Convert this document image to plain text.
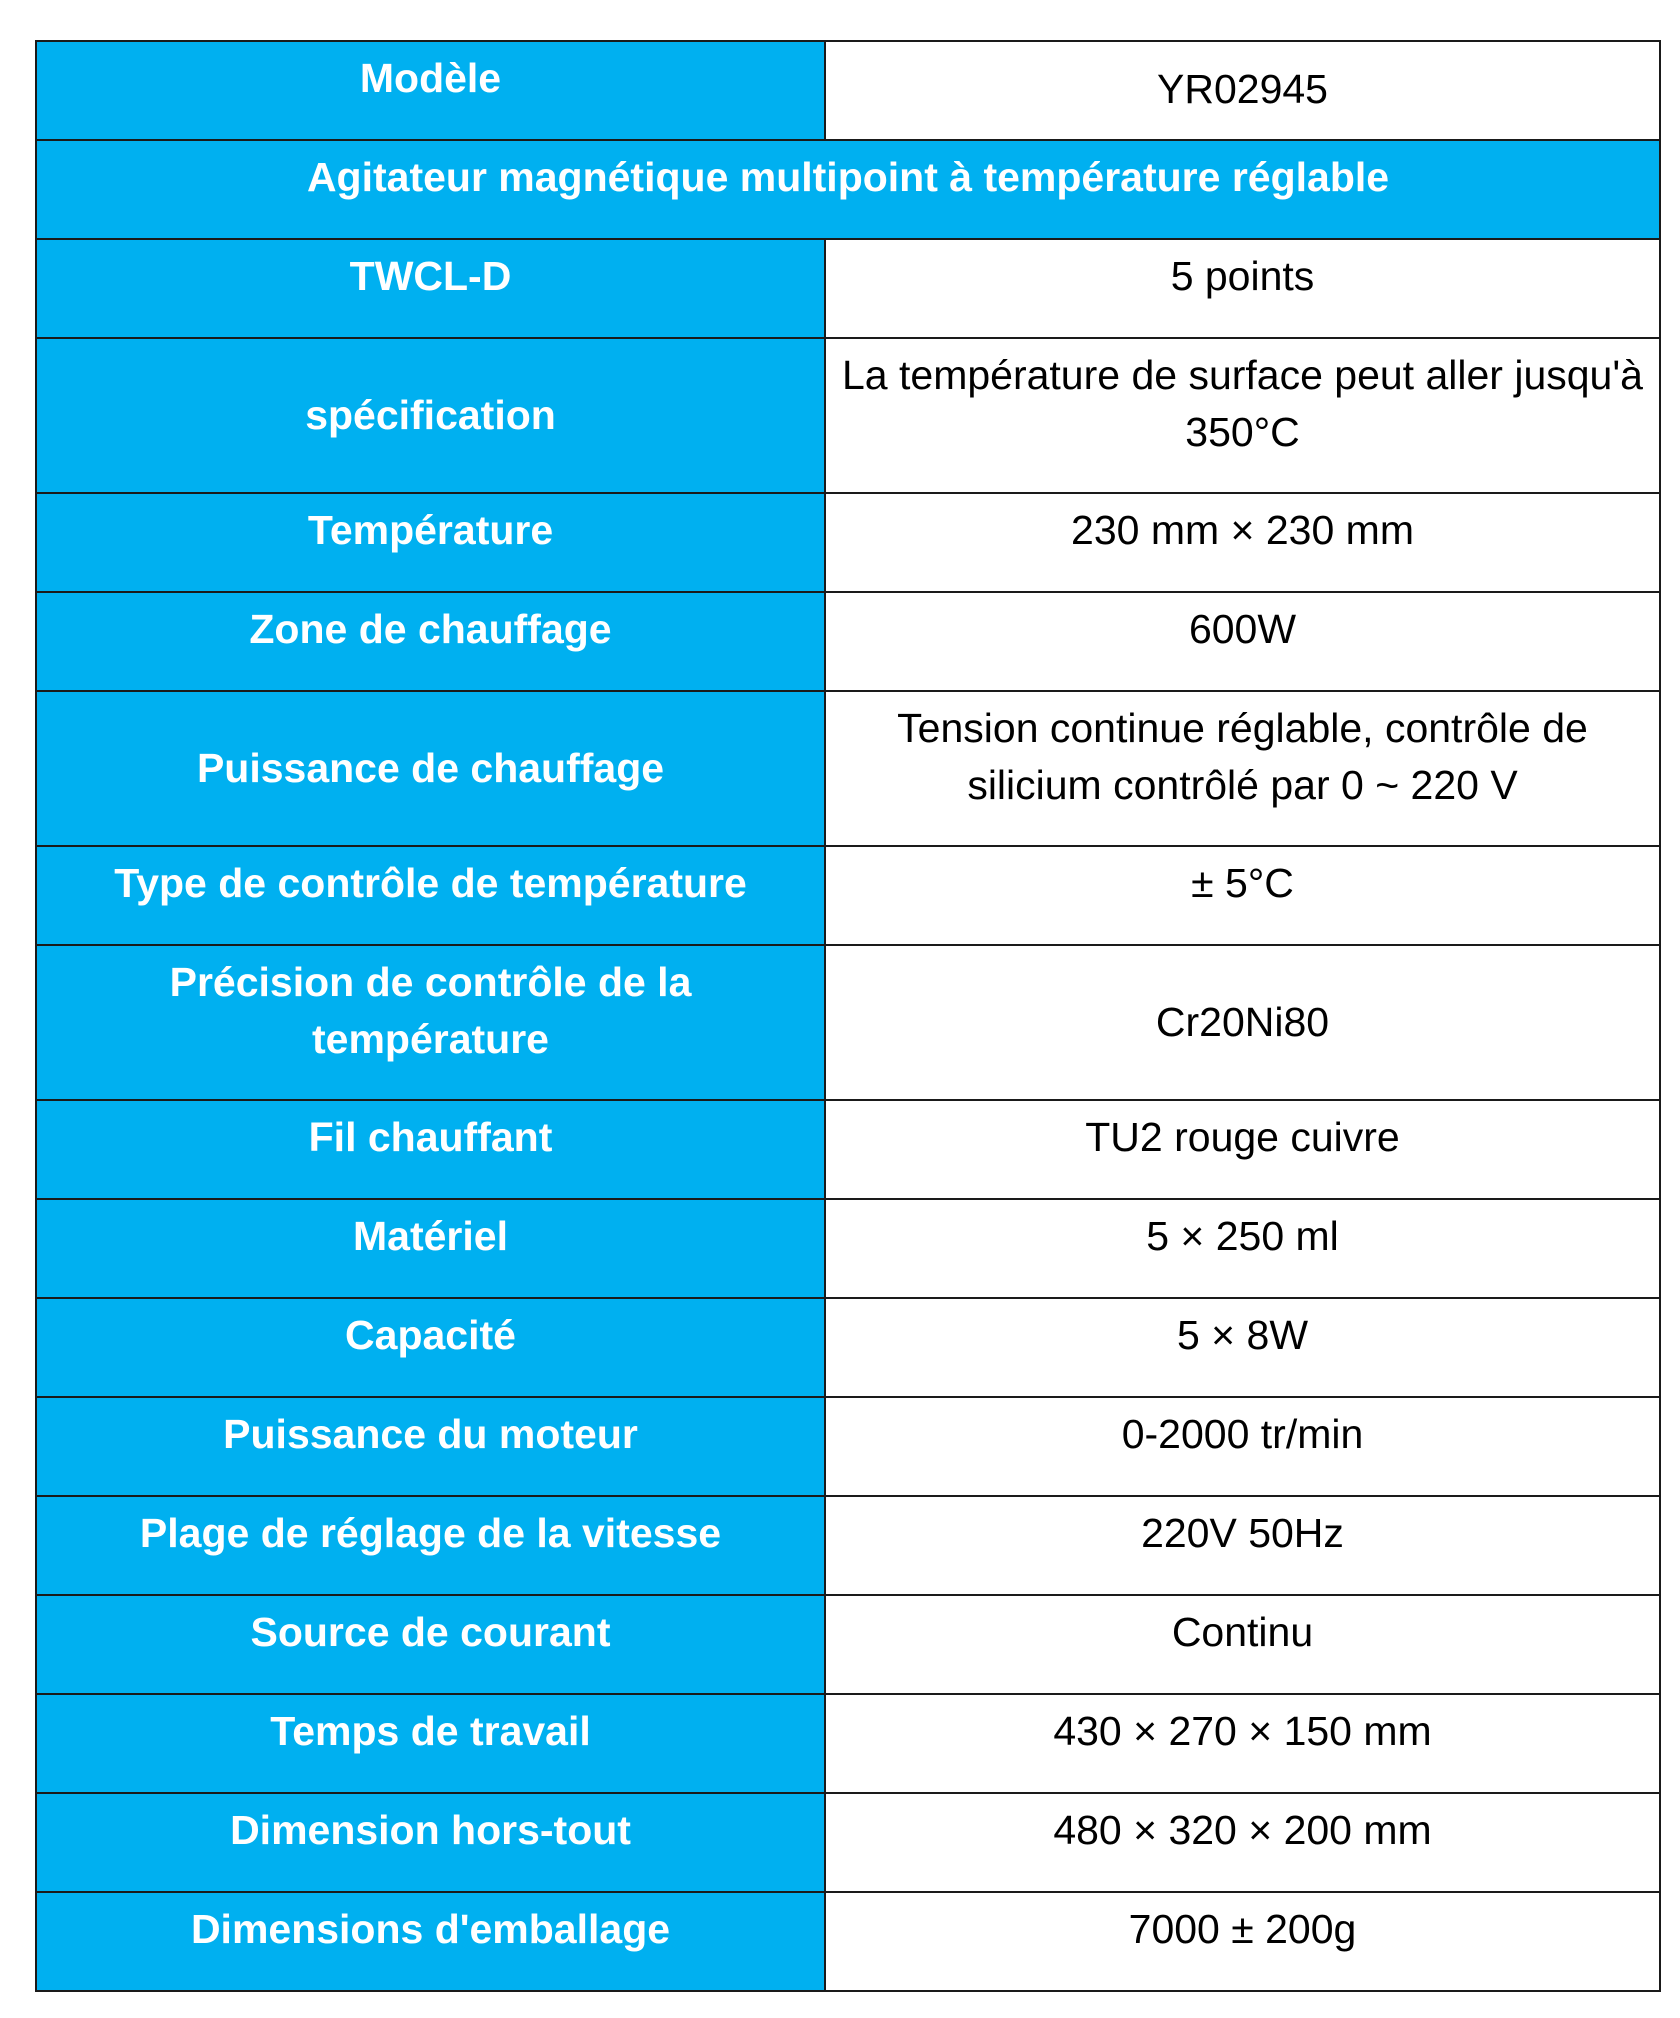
Modèle	YR02945
Agitateur magnétique multipoint à température réglable	
TWCL-D	5 points
spécification	La température de surface peut aller jusqu'à 350°C
Température	230 mm × 230 mm
Zone de chauffage	600W
Puissance de chauffage	Tension continue réglable, contrôle de silicium contrôlé par 0 ~ 220 V
Type de contrôle de température	± 5°C
Précision de contrôle de la température	Cr20Ni80
Fil chauffant	TU2 rouge cuivre
Matériel	5 × 250 ml
Capacité	5 × 8W
Puissance du moteur	0-2000 tr/min
Plage de réglage de la vitesse	220V 50Hz
Source de courant	Continu
Temps de travail	430 × 270 × 150 mm
Dimension hors-tout	480 × 320 × 200 mm
Dimensions d'emballage	7000 ± 200g
